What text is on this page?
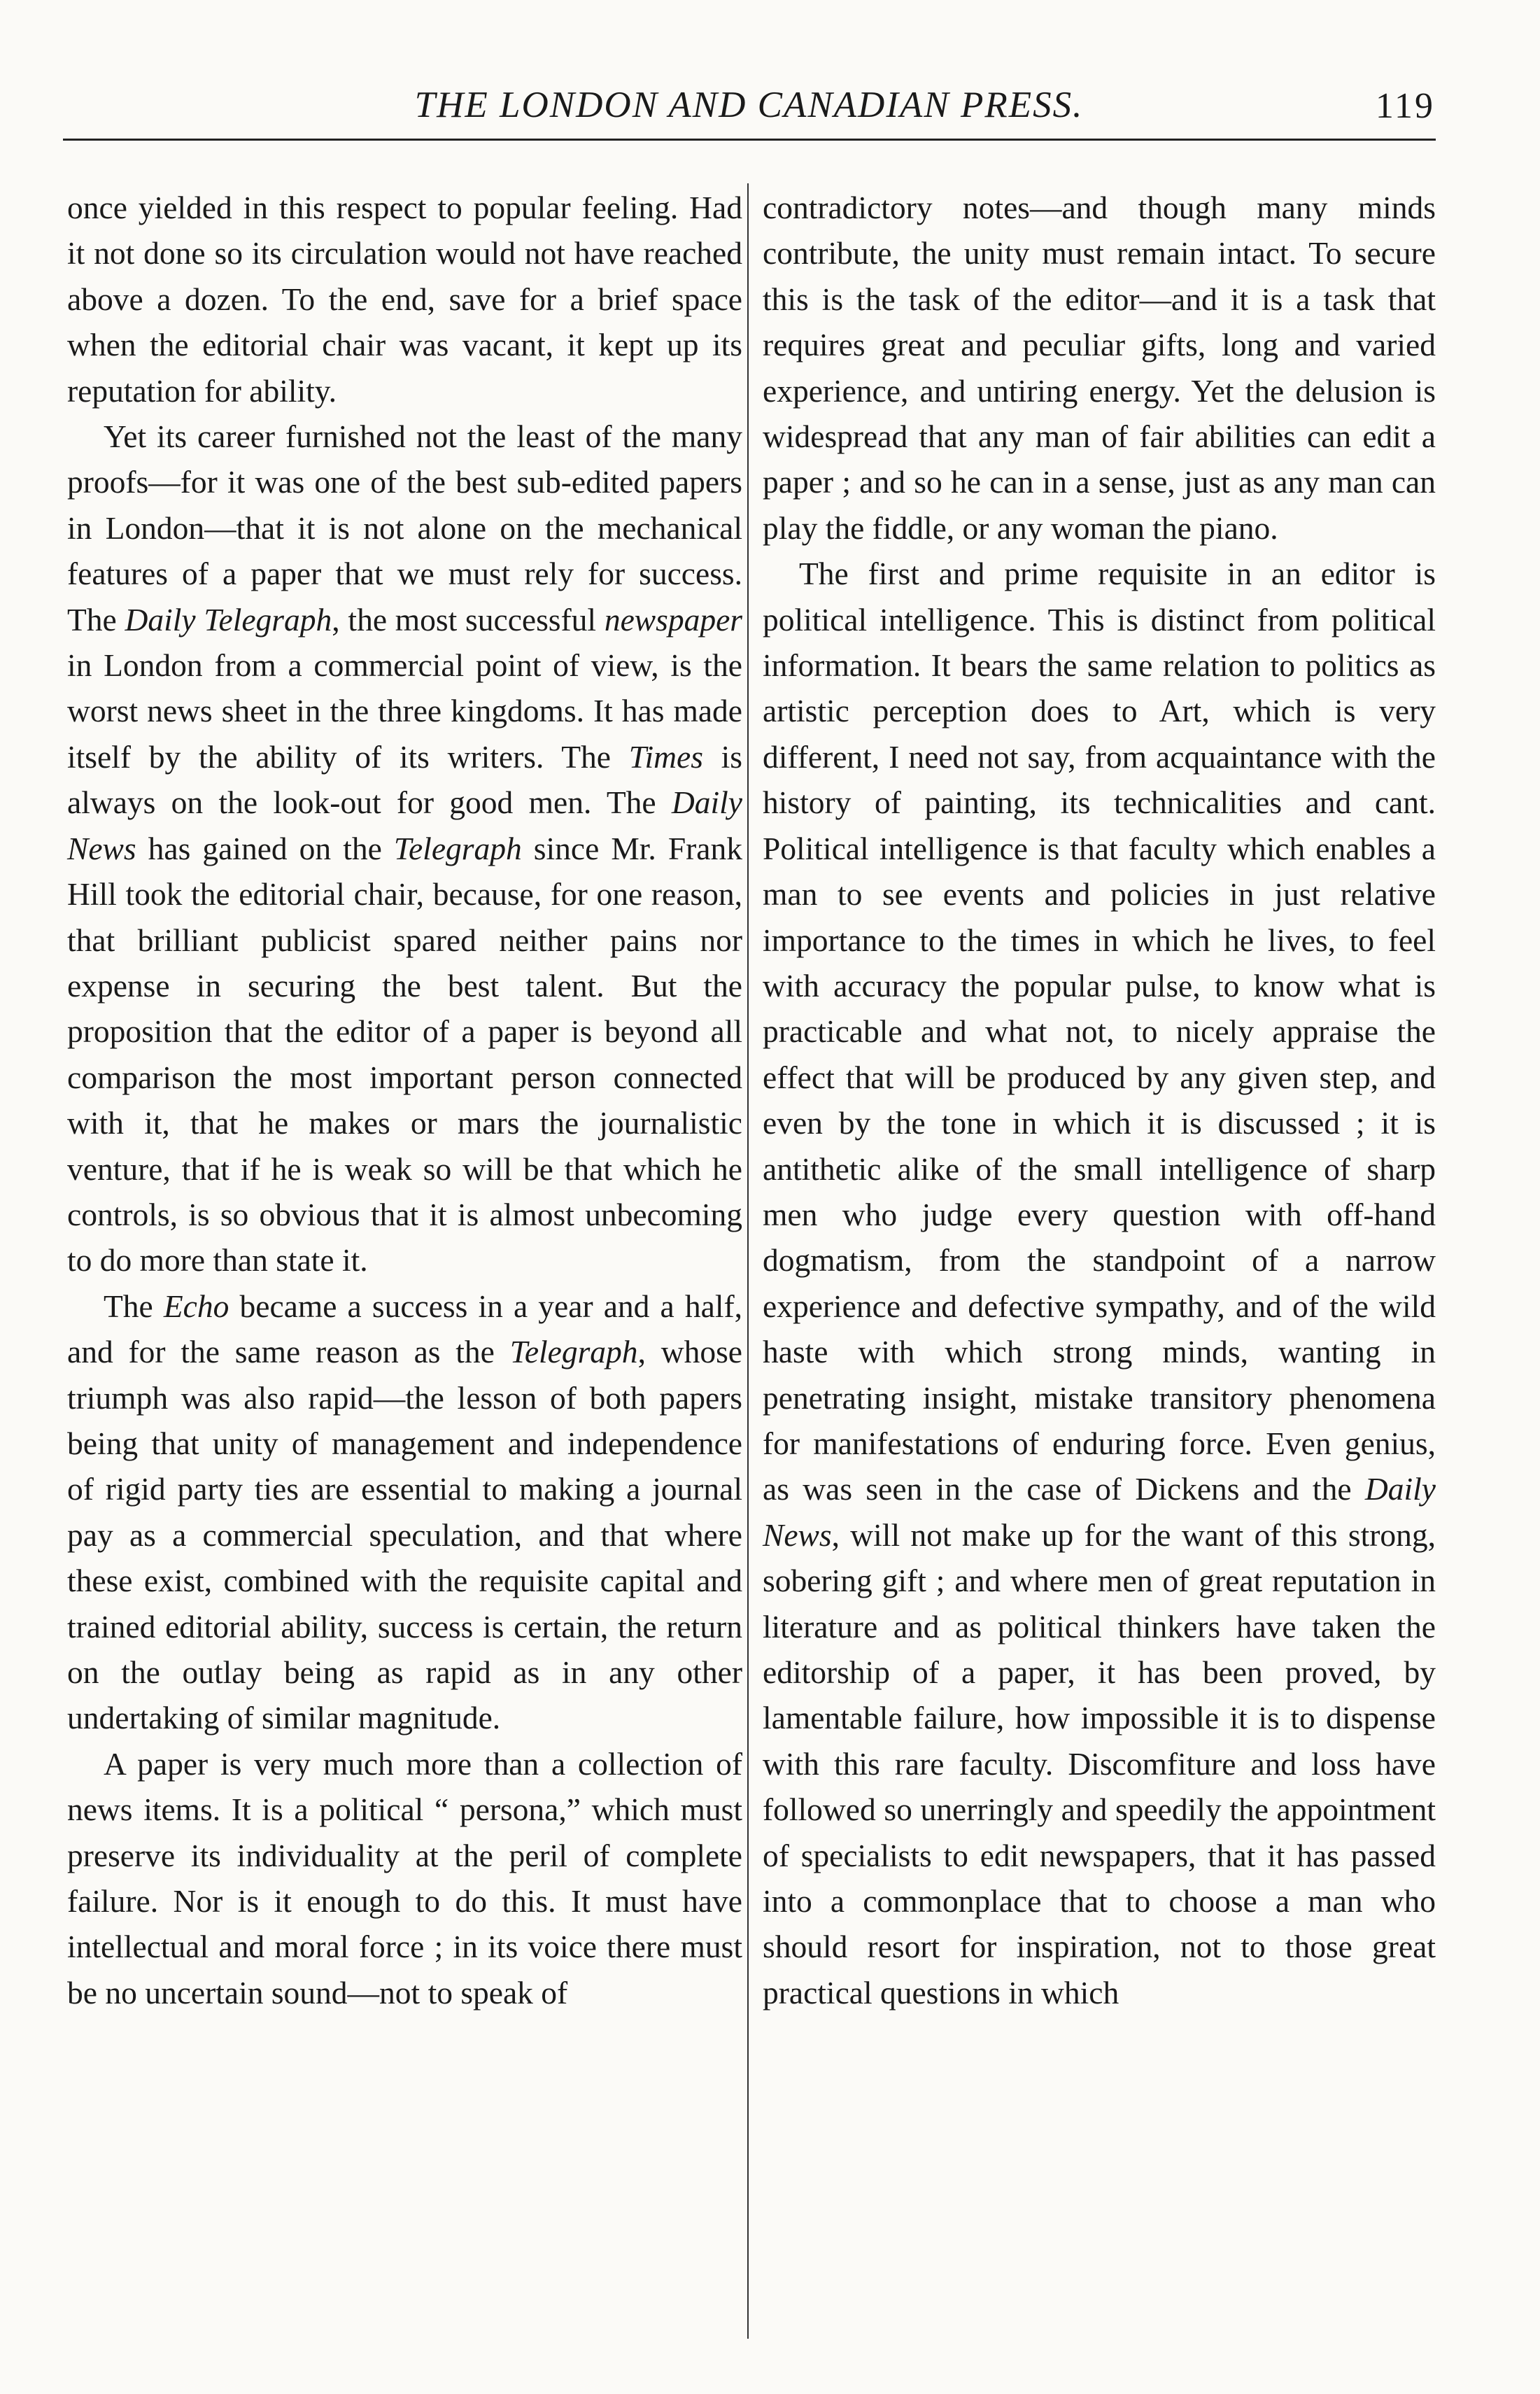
THE LONDON AND CANADIAN PRESS.	119

once yielded in this respect to popular feeling. Had it not done so its circulation would not have reached above a dozen. To the end, save for a brief space when the editorial chair was vacant, it kept up its reputation for ability.

Yet its career furnished not the least of the many proofs—for it was one of the best sub-edited papers in London—that it is not alone on the mechanical features of a paper that we must rely for success. The Daily Telegraph, the most successful newspaper in London from a commercial point of view, is the worst news sheet in the three kingdoms. It has made itself by the ability of its writers. The Times is always on the look-out for good men. The Daily News has gained on the Telegraph since Mr. Frank Hill took the editorial chair, because, for one reason, that brilliant publicist spared neither pains nor expense in securing the best talent. But the proposition that the editor of a paper is beyond all comparison the most important person connected with it, that he makes or mars the journalistic venture, that if he is weak so will be that which he controls, is so obvious that it is almost unbecoming to do more than state it.

The Echo became a success in a year and a half, and for the same reason as the Telegraph, whose triumph was also rapid—the lesson of both papers being that unity of management and independence of rigid party ties are essential to making a journal pay as a commercial speculation, and that where these exist, combined with the requisite capital and trained editorial ability, success is certain, the return on the outlay being as rapid as in any other undertaking of similar magnitude.

A paper is very much more than a collection of news items. It is a political “ persona,” which must preserve its individuality at the peril of complete failure. Nor is it enough to do this. It must have intellectual and moral force ; in its voice there must be no uncertain sound—not to speak of

contradictory notes—and though many minds contribute, the unity must remain intact. To secure this is the task of the editor—and it is a task that requires great and peculiar gifts, long and varied experience, and untiring energy. Yet the delusion is widespread that any man of fair abilities can edit a paper ; and so he can in a sense, just as any man can play the fiddle, or any woman the piano.

The first and prime requisite in an editor is political intelligence. This is distinct from political information. It bears the same relation to politics as artistic perception does to Art, which is very different, I need not say, from acquaintance with the history of painting, its technicalities and cant. Political intelligence is that faculty which enables a man to see events and policies in just relative importance to the times in which he lives, to feel with accuracy the popular pulse, to know what is practicable and what not, to nicely appraise the effect that will be produced by any given step, and even by the tone in which it is discussed ; it is antithetic alike of the small intelligence of sharp men who judge every question with off-hand dogmatism, from the standpoint of a narrow experience and defective sympathy, and of the wild haste with which strong minds, wanting in penetrating insight, mistake transitory phenomena for manifestations of enduring force. Even genius, as was seen in the case of Dickens and the Daily News, will not make up for the want of this strong, sobering gift ; and where men of great reputation in literature and as political thinkers have taken the editorship of a paper, it has been proved, by lamentable failure, how impossible it is to dispense with this rare faculty. Discomfiture and loss have followed so unerringly and speedily the appointment of specialists to edit newspapers, that it has passed into a commonplace that to choose a man who should resort for inspiration, not to those great practical questions in which
